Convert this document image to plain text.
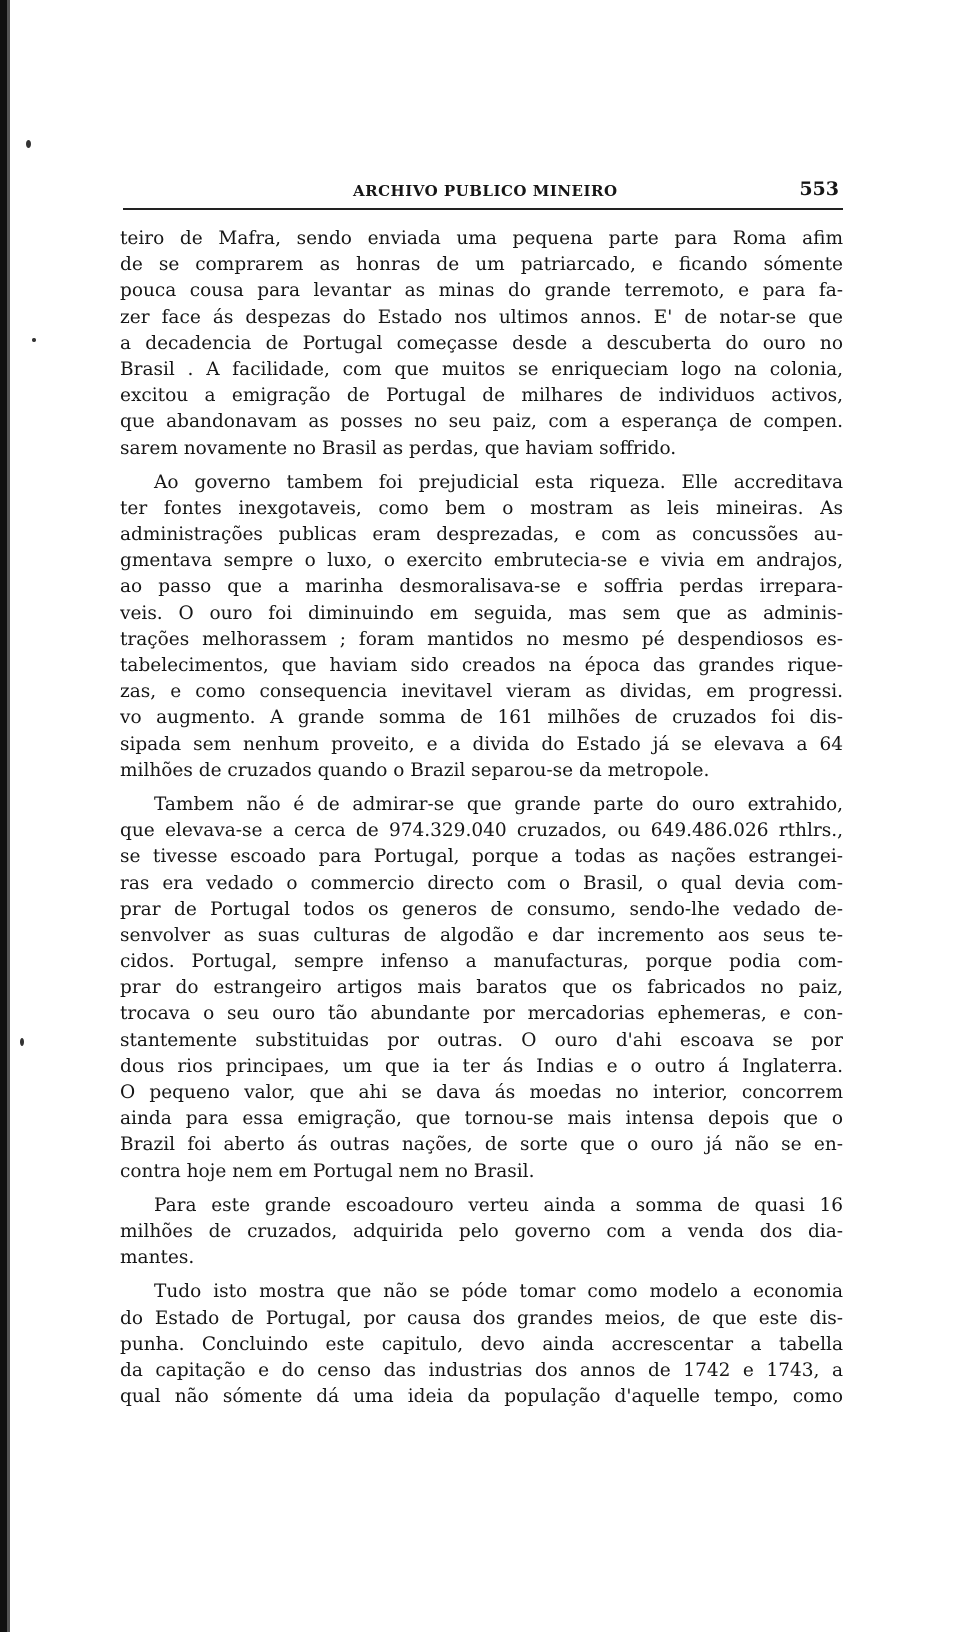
ARCHIVO PUBLICO MINEIRO	553
teiro de Mafra, sendo enviada uma pequena parte para Roma afim
de se comprarem as honras de um patriarcado, e ficando sómente
pouca cousa para levantar as minas do grande terremoto, e para fa-
zer face ás despezas do Estado nos ultimos annos. E' de notar-se que
a decadencia de Portugal começasse desde a descuberta do ouro no
Brasil . A facilidade, com que muitos se enriqueciam logo na colonia,
excitou a emigração de Portugal de milhares de individuos activos,
que abandonavam as posses no seu paiz, com a esperança de compen.
sarem novamente no Brasil as perdas, que haviam soffrido.
Ao governo tambem foi prejudicial esta riqueza. Elle accreditava
ter fontes inexgotaveis, como bem o mostram as leis mineiras. As
administrações publicas eram desprezadas, e com as concussões au-
gmentava sempre o luxo, o exercito embrutecia-se e vivia em andrajos,
ao passo que a marinha desmoralisava-se e soffria perdas irrepara-
veis. O ouro foi diminuindo em seguida, mas sem que as adminis-
trações melhorassem ; foram mantidos no mesmo pé despendiosos es-
tabelecimentos, que haviam sido creados na época das grandes rique-
zas, e como consequencia inevitavel vieram as dividas, em progressi.
vo augmento. A grande somma de 161 milhões de cruzados foi dis-
sipada sem nenhum proveito, e a divida do Estado já se elevava a 64
milhões de cruzados quando o Brazil separou-se da metropole.
Tambem não é de admirar-se que grande parte do ouro extrahido,
que elevava-se a cerca de 974.329.040 cruzados, ou 649.486.026 rthlrs.,
se tivesse escoado para Portugal, porque a todas as nações estrangei-
ras era vedado o commercio directo com o Brasil, o qual devia com-
prar de Portugal todos os generos de consumo, sendo-lhe vedado de-
senvolver as suas culturas de algodão e dar incremento aos seus te-
cidos. Portugal, sempre infenso a manufacturas, porque podia com-
prar do estrangeiro artigos mais baratos que os fabricados no paiz,
trocava o seu ouro tão abundante por mercadorias ephemeras, e con-
stantemente substituidas por outras. O ouro d'ahi escoava se por
dous rios principaes, um que ia ter ás Indias e o outro á Inglaterra.
O pequeno valor, que ahi se dava ás moedas no interior, concorrem
ainda para essa emigração, que tornou-se mais intensa depois que o
Brazil foi aberto ás outras nações, de sorte que o ouro já não se en-
contra hoje nem em Portugal nem no Brasil.
Para este grande escoadouro verteu ainda a somma de quasi 16
milhões de cruzados, adquirida pelo governo com a venda dos dia-
mantes.
Tudo isto mostra que não se póde tomar como modelo a economia
do Estado de Portugal, por causa dos grandes meios, de que este dis-
punha. Concluindo este capitulo, devo ainda accrescentar a tabella
da capitação e do censo das industrias dos annos de 1742 e 1743, a
qual não sómente dá uma ideia da população d'aquelle tempo, como
